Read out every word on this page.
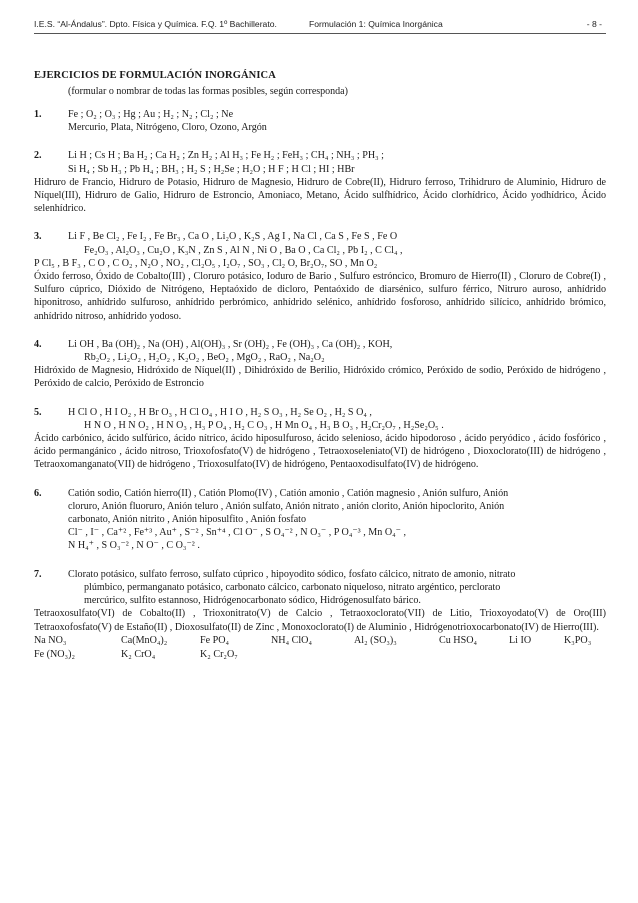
I.E.S. “Al-Ándalus”. Dpto. Física y Química. F.Q. 1º Bachillerato.	Formulación 1: Química Inorgánica	- 8 -
EJERCICIOS DE FORMULACIÓN INORGÁNICA
(formular o nombrar de todas las formas posibles, según corresponda)
1.	Fe ; O₂ ; O₃ ; Hg ; Au ; H₂ ; N₂ ; Cl₂ ; Ne
Mercurio, Plata, Nitrógeno, Cloro, Ozono, Argón
2.	Li H ; Cs H ; Ba H₂ ; Ca H₂ ; Zn H₂ ; Al H₃ ; Fe H₂ ; FeH₃ ; CH₄ ; NH₃ ; PH₃ ;
Si H₄ ; Sb H₃ ; Pb H₄ ; BH₃ ; H₂ S ; H₂Se ; H₂O ; H F ; H Cl ; HI ; HBr
Hidruro de Francio, Hidruro de Potasio, Hidruro de Magnesio, Hidruro de Cobre(II), Hidruro ferroso, Trihidruro de Aluminio, Hidruro de Níquel(III), Hidruro de Galio, Hidruro de Estroncio, Amoniaco, Metano, Ácido sulfhídrico, Ácido clorhídrico, Ácido yodhídrico, Ácido selenhídrico.
3.	Li F , Be Cl₂ , Fe I₂ , Fe Br₃ , Ca O , Li₂O , K₂S , Ag I , Na Cl , Ca S , Fe S , Fe O
Fe₂O₃ , Al₂O₃ , Cu₂O , K₃N , Zn S , Al N , Ni O , Ba O , Ca Cl₂ , Pb I₂ , C Cl₄ ,
P Cl₅ , B F₃ , C O , C O₂ , N₂O , NO₂ , Cl₂O₅ , I₂O₇ , SO₃ , Cl₂ O, Br₂O₇, SO , Mn O₂
Óxido ferroso, Óxido de Cobalto(III) , Cloruro potásico, Ioduro de Bario , Sulfuro estróncico, Bromuro de Hierro(II) , Cloruro de Cobre(I) , Sulfuro cúprico, Dióxido de Nitrógeno, Heptaóxido de dicloro, Pentaóxido de diarsénico, sulfuro férrico, Nitruro auroso, anhídrido hiponitroso, anhídrido sulfuroso, anhídrido perbrómico, anhídrido selénico, anhídrido fosforoso, anhídrido silícico, anhídrido brómico, anhídrido nitroso, anhídrido yodoso.
4.	Li OH , Ba (OH)₂ , Na (OH) , Al(OH)₃ , Sr (OH)₂ , Fe (OH)₃ , Ca (OH)₂ , KOH,
Rb₂O₂ , Li₂O₂ , H₂O₂ , K₂O₂ , BeO₂ , MgO₂ , RaO₂ , Na₂O₂
Hidróxido de Magnesio, Hidróxido de Níquel(II) , Dihidróxido de Berilio, Hidróxido crómico, Peróxido de sodio, Peróxido de hidrógeno , Peróxido de calcio, Peróxido de Estroncio
5.	H Cl O , H I O₂ , H Br O₃ , H Cl O₄ , H I O , H₂ S O₃ , H₂ Se O₂ , H₂ S O₄ ,
H N O , H N O₂ , H N O₃ , H₃ P O₄ , H₂ C O₃ , H Mn O₄ , H₃ B O₃ , H₂Cr₂O₇ , H₂Se₂O₅ .
Ácido carbónico, ácido sulfúrico, ácido nítrico, ácido hiposulfuroso, ácido selenioso, ácido hipodoroso , ácido peryódico , ácido fosfórico , ácido permangánico , ácido nitroso, Trioxofosfato(V) de hidrógeno , Tetraoxoseleniato(VI) de hidrógeno , Dioxoclorato(III) de hidrógeno , Tetraoxomanganato(VII) de hidrógeno , Trioxosulfato(IV) de hidrógeno, Pentaoxodisulfato(IV) de hidrógeno.
6.	Catión sodio, Catión hierro(II) , Catión Plomo(IV) , Catión amonio , Catión magnesio , Anión sulfuro, Anión
cloruro, Anión fluoruro, Anión teluro , Anión sulfato, Anión nitrato , anión clorito, Anión hipoclorito, Anión
carbonato, Anión nitrito , Anión hiposulfito , Anión fosfato
Cl⁻ , I⁻ , Ca⁺² , Fe⁺³ , Au⁺ , S⁻² , Sn⁺⁴ , Cl O⁻ , S O₄⁻² , N O₃⁻ , P O₄⁻³ , Mn O₄⁻ ,
N H₄⁺ , S O₃⁻² , N O⁻ , C O₃⁻² .
7.	Clorato potásico, sulfato ferroso, sulfato cúprico , hipoyodito sódico, fosfato cálcico, nitrato de amonio, nitrato
plúmbico, permanganato potásico, carbonato cálcico, carbonato niqueloso, nitrato argéntico, perclorato
mercúrico, sulfito estannoso, Hidrógenocarbonato sódico, Hidrógenosulfato bárico.
Tetraoxosulfato(VI) de Cobalto(II) , Trioxonitrato(V) de Calcio , Tetraoxoclorato(VII) de Litio, Trioxoyodato(V) de Oro(III) Tetraoxofosfato(V) de Estaño(II) , Dioxosulfato(II) de Zinc , Monoxoclorato(I) de Aluminio , Hidrógenotrioxocarbonato(IV) de Hierro(III).
Na NO₃	Ca(MnO₄)₂	Fe PO₄	NH₄ ClO₄	Al₂ (SO₃)₃	Cu HSO₄	Li IO	K₃PO₃
Fe (NO₃)₂	K₂ CrO₄	K₂ Cr₂O₇
